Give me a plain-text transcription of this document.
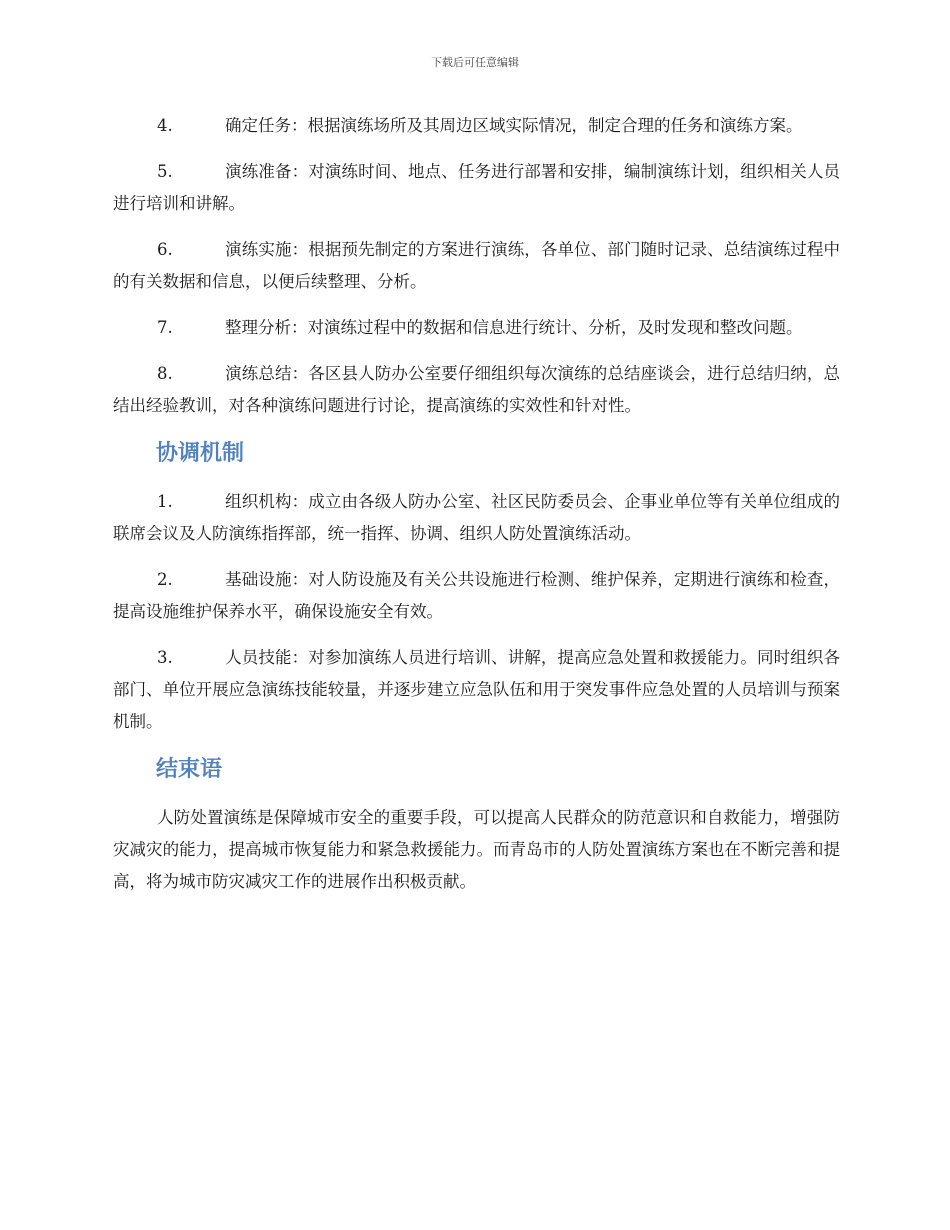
下载后可任意编辑
4.	确定任务：根据演练场所及其周边区域实际情况，制定合理的任务和演练方案。
5.	演练准备：对演练时间、地点、任务进行部署和安排，编制演练计划，组织相关人员进行培训和讲解。
6.	演练实施：根据预先制定的方案进行演练，各单位、部门随时记录、总结演练过程中的有关数据和信息，以便后续整理、分析。
7.	整理分析：对演练过程中的数据和信息进行统计、分析，及时发现和整改问题。
8.	演练总结：各区县人防办公室要仔细组织每次演练的总结座谈会，进行总结归纳，总结出经验教训，对各种演练问题进行讨论，提高演练的实效性和针对性。
协调机制
1.	组织机构：成立由各级人防办公室、社区民防委员会、企事业单位等有关单位组成的联席会议及人防演练指挥部，统一指挥、协调、组织人防处置演练活动。
2.	基础设施：对人防设施及有关公共设施进行检测、维护保养，定期进行演练和检查，提高设施维护保养水平，确保设施安全有效。
3.	人员技能：对参加演练人员进行培训、讲解，提高应急处置和救援能力。同时组织各部门、单位开展应急演练技能较量，并逐步建立应急队伍和用于突发事件应急处置的人员培训与预案机制。
结束语

人防处置演练是保障城市安全的重要手段，可以提高人民群众的防范意识和自救能力，增强防灾减灾的能力，提高城市恢复能力和紧急救援能力。而青岛市的人防处置演练方案也在不断完善和提高，将为城市防灾减灾工作的进展作出积极贡献。
